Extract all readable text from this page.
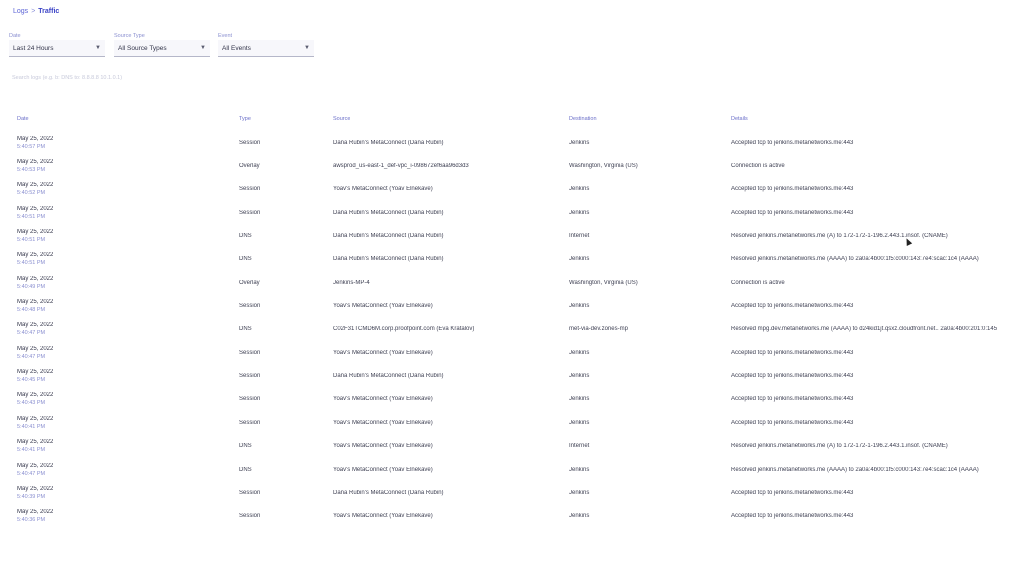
Logs > Traffic
Date
Last 24 Hours	▼
Source Type
All Source Types	▼
Event
All Events	▼
Search logs (e.g. b: DNS to: 8.8.8.8 10.1.0.1)
Date	Type	Source	Destination	Details
May 25, 2022
5:40:57 PM
Session	Dana Rubin's MetaConnect (Dana Rubin)	Jenkins	Accepted tcp to jenkins.metanetworks.me:443
May 25, 2022
5:40:53 PM
Overlay	awsprod_us-east-1_def-vpc_i-098672ef6aa96d3d3	Washington, Virginia (US)	Connection is active
May 25, 2022
5:40:52 PM
Session	Yoav's MetaConnect (Yoav Elnekave)	Jenkins	Accepted tcp to jenkins.metanetworks.me:443
May 25, 2022
5:40:51 PM
Session	Dana Rubin's MetaConnect (Dana Rubin)	Jenkins	Accepted tcp to jenkins.metanetworks.me:443
May 25, 2022
5:40:51 PM
DNS	Dana Rubin's MetaConnect (Dana Rubin)	Internet	Resolved jenkins.metanetworks.me (A) to 172-172-1-196.2.443.1.insof. (CNAME)
May 25, 2022
5:40:51 PM
DNS	Dana Rubin's MetaConnect (Dana Rubin)	Jenkins	Resolved jenkins.metanetworks.me (AAAA) to 2a0a:4b00:1f5:c000:143:7e4:scac:1c4 (AAAA)
May 25, 2022
5:40:49 PM
Overlay	Jenkins-MP-4	Washington, Virginia (US)	Connection is active
May 25, 2022
5:40:48 PM
Session	Yoav's MetaConnect (Yoav Elnekave)	Jenkins	Accepted tcp to jenkins.metanetworks.me:443
May 25, 2022
5:40:47 PM
DNS	C02F31TCMD6M.corp.proofpoint.com (Eva Kratalov)	met-via-dev.zones-mp	Resolved mpg.dev.metanetworks.me (AAAA) to d24kid1jt.qsxz.cloudfront.net.. 2a0a:4b00:201:0:145
May 25, 2022
5:40:47 PM
Session	Yoav's MetaConnect (Yoav Elnekave)	Jenkins	Accepted tcp to jenkins.metanetworks.me:443
May 25, 2022
5:40:45 PM
Session	Dana Rubin's MetaConnect (Dana Rubin)	Jenkins	Accepted tcp to jenkins.metanetworks.me:443
May 25, 2022
5:40:43 PM
Session	Yoav's MetaConnect (Yoav Elnekave)	Jenkins	Accepted tcp to jenkins.metanetworks.me:443
May 25, 2022
5:40:41 PM
Session	Yoav's MetaConnect (Yoav Elnekave)	Jenkins	Accepted tcp to jenkins.metanetworks.me:443
May 25, 2022
5:40:41 PM
DNS	Yoav's MetaConnect (Yoav Elnekave)	Internet	Resolved jenkins.metanetworks.me (A) to 172-172-1-196.2.443.1.insof. (CNAME)
May 25, 2022
5:40:47 PM
DNS	Yoav's MetaConnect (Yoav Elnekave)	Jenkins	Resolved jenkins.metanetworks.me (AAAA) to 2a0a:4b00:1f5:c000:143:7e4:scac:1c4 (AAAA)
May 25, 2022
5:40:39 PM
Session	Dana Rubin's MetaConnect (Dana Rubin)	Jenkins	Accepted tcp to jenkins.metanetworks.me:443
May 25, 2022
5:40:36 PM
Session	Yoav's MetaConnect (Yoav Elnekave)	Jenkins	Accepted tcp to jenkins.metanetworks.me:443
